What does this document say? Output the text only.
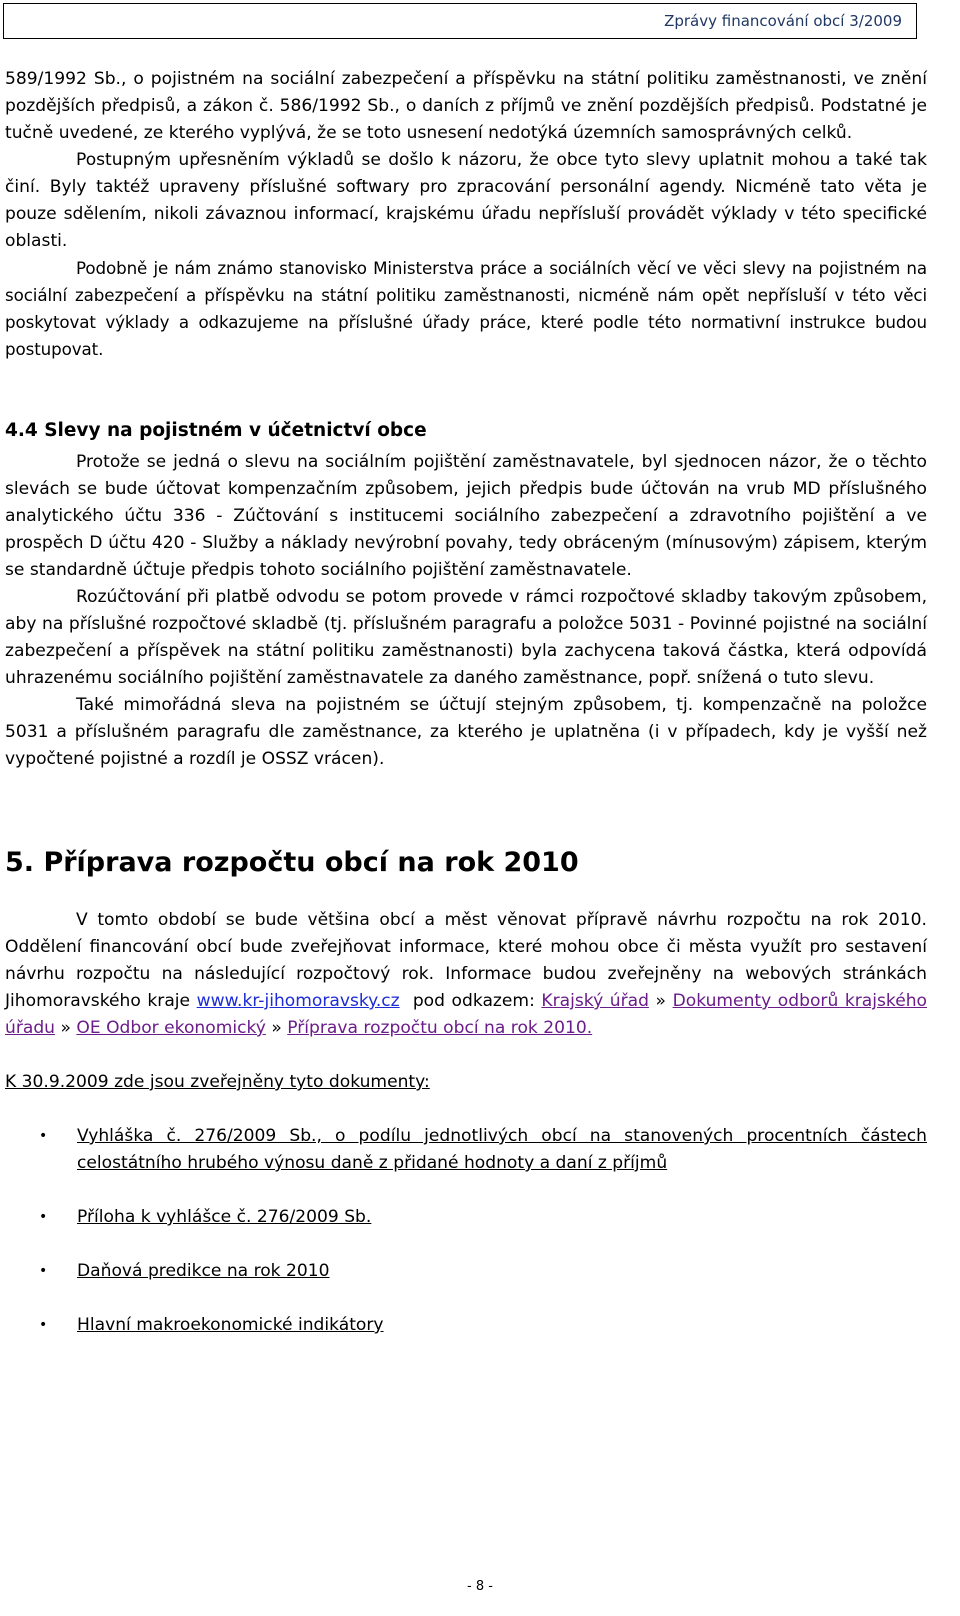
Zprávy financování obcí 3/2009

589/1992 Sb., o pojistném na sociální zabezpečení a příspěvku na státní politiku zaměstnanosti, ve znění pozdějších předpisů, a zákon č. 586/1992 Sb., o daních z příjmů ve znění pozdějších předpisů. Podstatné je tučně uvedené, ze kterého vyplývá, že se toto usnesení nedotýká územních samosprávných celků.

Postupným upřesněním výkladů se došlo k názoru, že obce tyto slevy uplatnit mohou a také tak činí. Byly taktéž upraveny příslušné softwary pro zpracování personální agendy. Nicméně tato věta je pouze sdělením, nikoli závaznou informací, krajskému úřadu nepřísluší provádět výklady v této specifické oblasti.

Podobně je nám známo stanovisko Ministerstva práce a sociálních věcí ve věci slevy na pojistném na sociální zabezpečení a příspěvku na státní politiku zaměstnanosti, nicméně nám opět nepřísluší v této věci poskytovat výklady a odkazujeme na příslušné úřady práce, které podle této normativní instrukce budou postupovat.

4.4 Slevy na pojistném v účetnictví obce

Protože se jedná o slevu na sociálním pojištění zaměstnavatele, byl sjednocen názor, že o těchto slevách se bude účtovat kompenzačním způsobem, jejich předpis bude účtován na vrub MD příslušného analytického účtu 336 - Zúčtování s institucemi sociálního zabezpečení a zdravotního pojištění a ve prospěch D účtu 420 - Služby a náklady nevýrobní povahy, tedy obráceným (mínusovým) zápisem, kterým se standardně účtuje předpis tohoto sociálního pojištění zaměstnavatele.

Rozúčtování při platbě odvodu se potom provede v rámci rozpočtové skladby takovým způsobem, aby na příslušné rozpočtové skladbě (tj. příslušném paragrafu a položce 5031 - Povinné pojistné na sociální zabezpečení a příspěvek na státní politiku zaměstnanosti) byla zachycena taková částka, která odpovídá uhrazenému sociálního pojištění zaměstnavatele za daného zaměstnance, popř. snížená o tuto slevu.

Také mimořádná sleva na pojistném se účtují stejným způsobem, tj. kompenzačně na položce 5031 a příslušném paragrafu dle zaměstnance, za kterého je uplatněna (i v případech, kdy je vyšší než vypočtené pojistné a rozdíl je OSSZ vrácen).

5. Příprava rozpočtu obcí na rok 2010

V tomto období se bude většina obcí a měst věnovat přípravě návrhu rozpočtu na rok 2010. Oddělení financování obcí bude zveřejňovat informace, které mohou obce či města využít pro sestavení návrhu rozpočtu na následující rozpočtový rok. Informace budou zveřejněny na webových stránkách Jihomoravského kraje www.kr-jihomoravsky.cz pod odkazem: Krajský úřad » Dokumenty odborů krajského úřadu » OE Odbor ekonomický » Příprava rozpočtu obcí na rok 2010.

K 30.9.2009 zde jsou zveřejněny tyto dokumenty:

• Vyhláška č. 276/2009 Sb., o podílu jednotlivých obcí na stanovených procentních částech celostátního hrubého výnosu daně z přidané hodnoty a daní z příjmů
• Příloha k vyhlášce č. 276/2009 Sb.
• Daňová predikce na rok 2010
• Hlavní makroekonomické indikátory
- 8 -
